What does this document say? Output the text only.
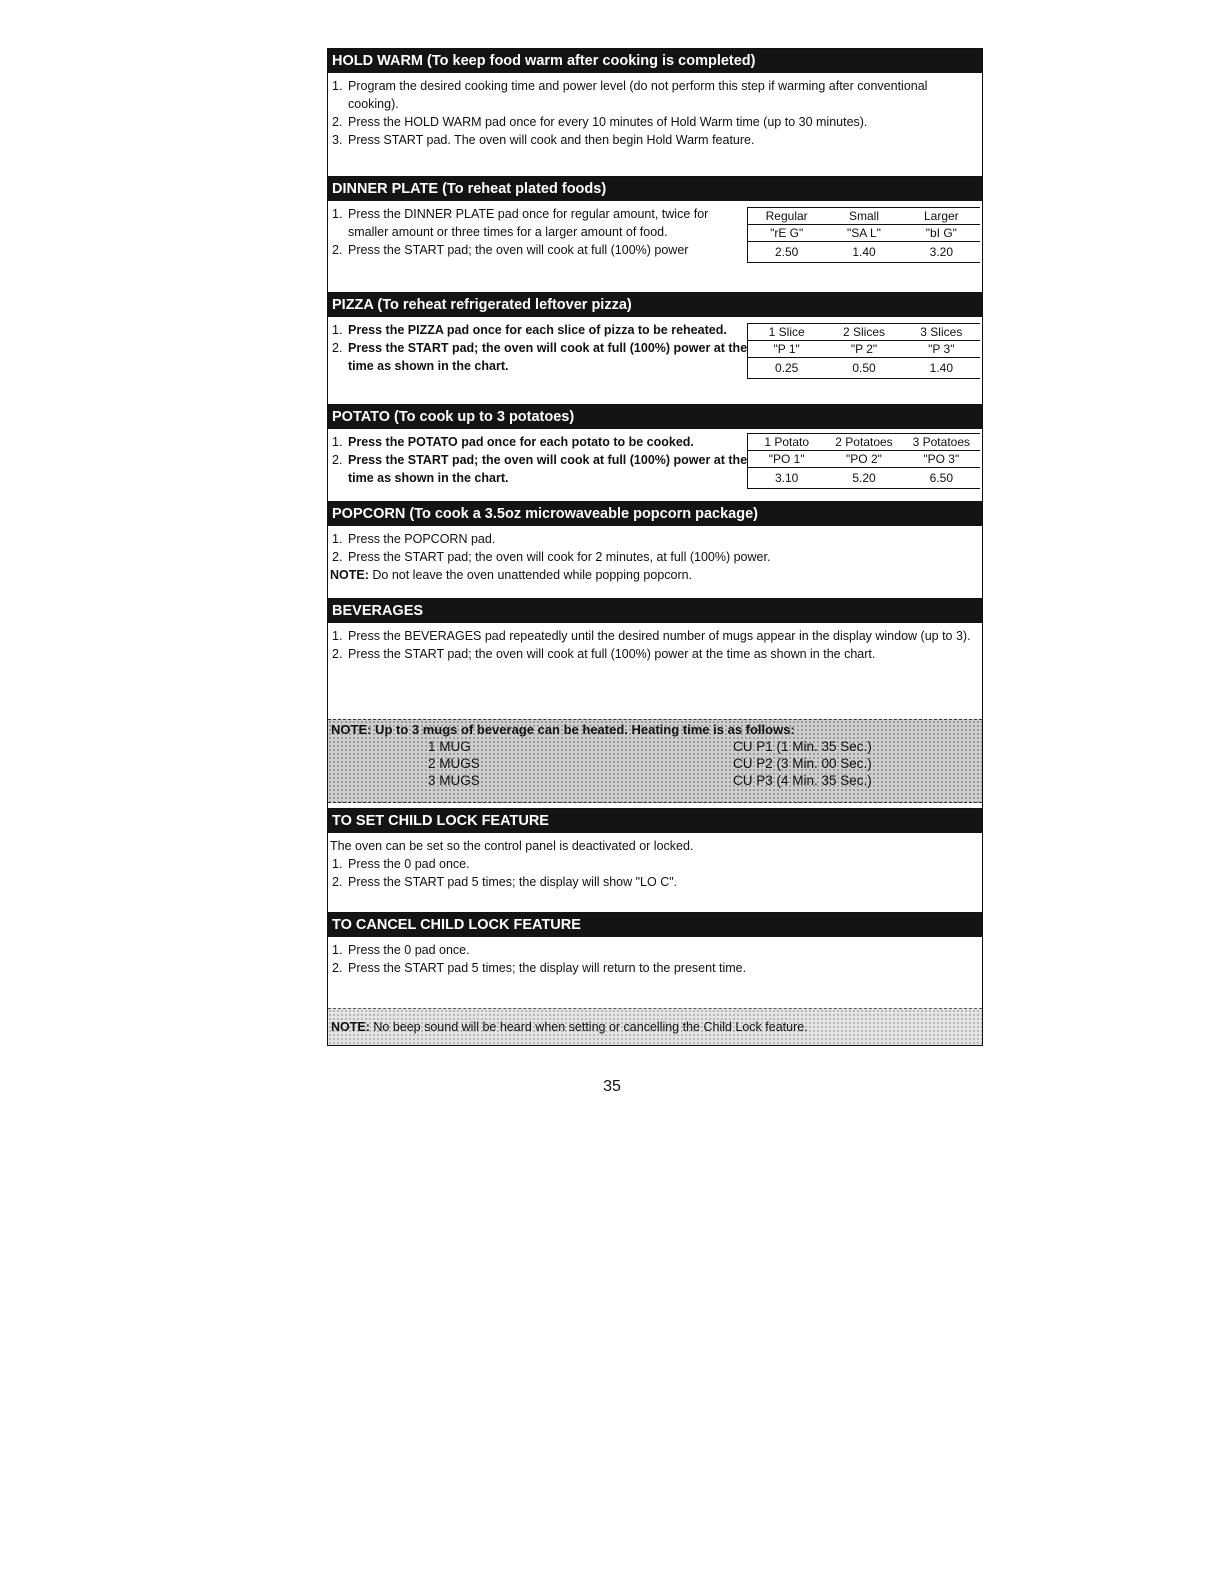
HOLD WARM (To keep food warm after cooking is completed)
1. Program the desired cooking time and power level (do not perform this step if warming after conventional cooking).
2. Press the HOLD WARM pad once for every 10 minutes of Hold Warm time (up to 30 minutes).
3. Press START pad. The oven will cook and then begin Hold Warm feature.
DINNER PLATE (To reheat plated foods)
1. Press the DINNER PLATE pad once for regular amount, twice for smaller amount or three times for a larger amount of food.
2. Press the START pad; the oven will cook at full (100%) power
Regular	Small	Larger
"rE G"	"SA L"	"bI G"
2.50	1.40	3.20
PIZZA (To reheat refrigerated leftover pizza)
1. Press the PIZZA pad once for each slice of pizza to be reheated.
2. Press the START pad; the oven will cook at full (100%) power at the time as shown in the chart.
1 Slice	2 Slices	3 Slices
"P 1"	"P 2"	"P 3"
0.25	0.50	1.40
POTATO (To cook up to 3 potatoes)
1. Press the POTATO pad once for each potato to be cooked.
2. Press the START pad; the oven will cook at full (100%) power at the time as shown in the chart.
1 Potato	2 Potatoes	3 Potatoes
"PO 1"	"PO 2"	"PO 3"
3.10	5.20	6.50
POPCORN (To cook a 3.5oz microwaveable popcorn package)
1. Press the POPCORN pad.
2. Press the START pad; the oven will cook for 2 minutes, at full (100%) power.
NOTE: Do not leave the oven unattended while popping popcorn.
BEVERAGES
1. Press the BEVERAGES pad repeatedly until the desired number of mugs appear in the display window (up to 3).
2. Press the START pad; the oven will cook at full (100%) power at the time as shown in the chart.
NOTE: Up to 3 mugs of beverage can be heated. Heating time is as follows:
1 MUG	CU P1 (1 Min. 35 Sec.)
2 MUGS	CU P2 (3 Min. 00 Sec.)
3 MUGS	CU P3 (4 Min. 35 Sec.)
TO SET CHILD LOCK FEATURE
The oven can be set so the control panel is deactivated or locked.
1. Press the 0 pad once.
2. Press the START pad 5 times; the display will show "LO C".
TO CANCEL CHILD LOCK FEATURE
1. Press the 0 pad once.
2. Press the START pad 5 times; the display will return to the present time.
NOTE: No beep sound will be heard when setting or cancelling the Child Lock feature.
35
